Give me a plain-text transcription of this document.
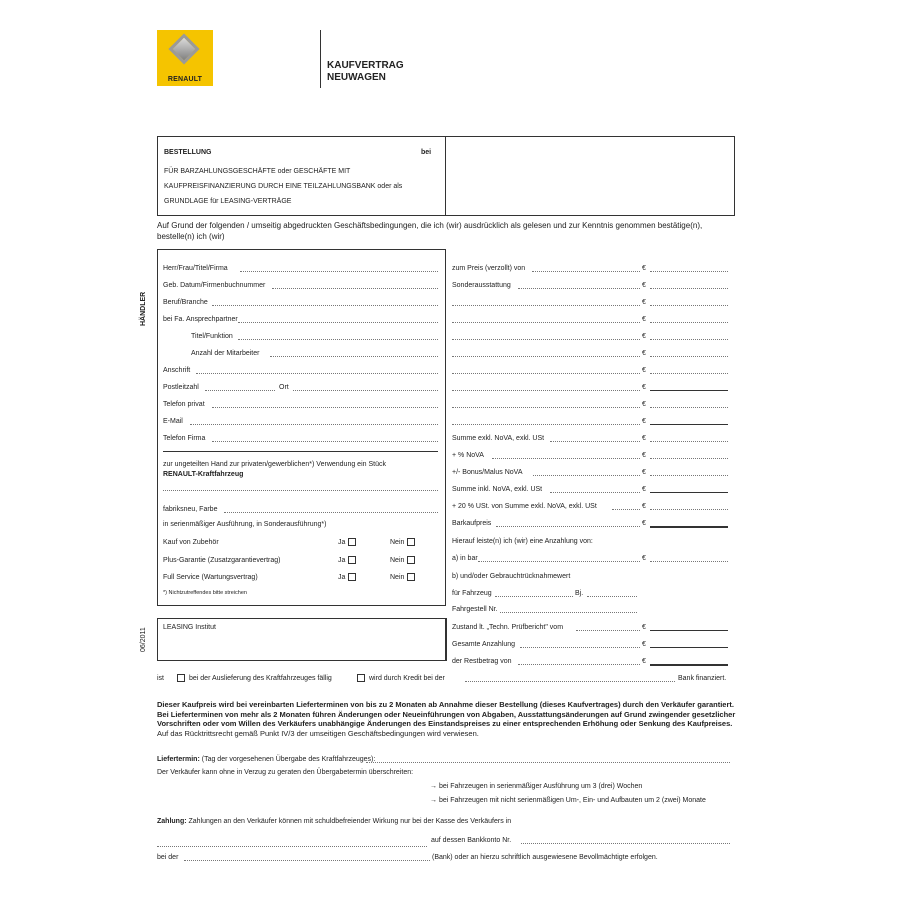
RENAULT
KAUFVERTRAG
NEUWAGEN
BESTELLUNG	bei
FÜR BARZAHLUNGSGESCHÄFTE oder GESCHÄFTE MIT
KAUFPREISFINANZIERUNG DURCH EINE TEILZAHLUNGSBANK oder als
GRUNDLAGE für LEASING-VERTRÄGE
Auf Grund der folgenden / umseitig abgedruckten Geschäftsbedingungen, die ich (wir) ausdrücklich als gelesen und zur Kenntnis genommen bestätige(n),
bestelle(n) ich (wir)
HÄNDLER
06/2011
Herr/Frau/Titel/Firma
Geb. Datum/Firmenbuchnummer
Beruf/Branche
bei Fa. Ansprechpartner
Titel/Funktion
Anzahl der Mitarbeiter
Anschrift
Postleitzahl	Ort
Telefon privat
E-Mail
Telefon Firma
zur ungeteilten Hand zur privaten/gewerblichen*) Verwendung ein Stück
RENAULT-Kraftfahrzeug
fabriksneu, Farbe
in serienmäßiger Ausführung, in Sonderausführung*)
Kauf von Zubehör	Ja	Nein
Plus-Garantie (Zusatzgarantievertrag)	Ja	Nein
Full Service (Wartungsvertrag)	Ja	Nein
*) Nichtzutreffendes bitte streichen
LEASING Institut
zum Preis (verzollt) von	€
Sonderausstattung	€
€
€
€
€
€
€
€
€
Summe exkl. NoVA, exkl. USt	€
+ % NoVA	€
+/- Bonus/Malus NoVA	€
Summe inkl. NoVA, exkl. USt	€
+ 20 % USt. von Summe exkl. NoVA, exkl. USt	€
Barkaufpreis	€
Hierauf leiste(n) ich (wir) eine Anzahlung von:
a) in bar	€
b) und/oder Gebrauchtrücknahmewert
für Fahrzeug	Bj.
Fahrgestell Nr.
Zustand lt. „Techn. Prüfbericht" vom	€
Gesamte Anzahlung	€
der Restbetrag von	€
ist	bei der Auslieferung des Kraftfahrzeuges fällig	wird durch Kredit bei der	Bank finanziert.
Dieser Kaufpreis wird bei vereinbarten Lieferterminen von bis zu 2 Monaten ab Annahme dieser Bestellung (dieses Kaufvertrages) durch den Verkäufer garantiert.
Bei Lieferterminen von mehr als 2 Monaten führen Änderungen oder Neueinführungen von Abgaben, Ausstattungsänderungen auf Grund zwingender gesetzlicher
Vorschriften oder vom Willen des Verkäufers unabhängige Änderungen des Einstandspreises zu einer entsprechenden Erhöhung oder Senkung des Kaufpreises.
Auf das Rücktrittsrecht gemäß Punkt IV/3 der umseitigen Geschäftsbedingungen wird verwiesen.
Liefertermin: (Tag der vorgesehenen Übergabe des Kraftfahrzeuges):
Der Verkäufer kann ohne in Verzug zu geraten den Übergabetermin überschreiten:
→ bei Fahrzeugen in serienmäßiger Ausführung um 3 (drei) Wochen
→ bei Fahrzeugen mit nicht serienmäßigen Um-, Ein- und Aufbauten um 2 (zwei) Monate
Zahlung: Zahlungen an den Verkäufer können mit schuldbefreiender Wirkung nur bei der Kasse des Verkäufers in
auf dessen Bankkonto Nr.
bei der	(Bank) oder an hierzu schriftlich ausgewiesene Bevollmächtigte erfolgen.
